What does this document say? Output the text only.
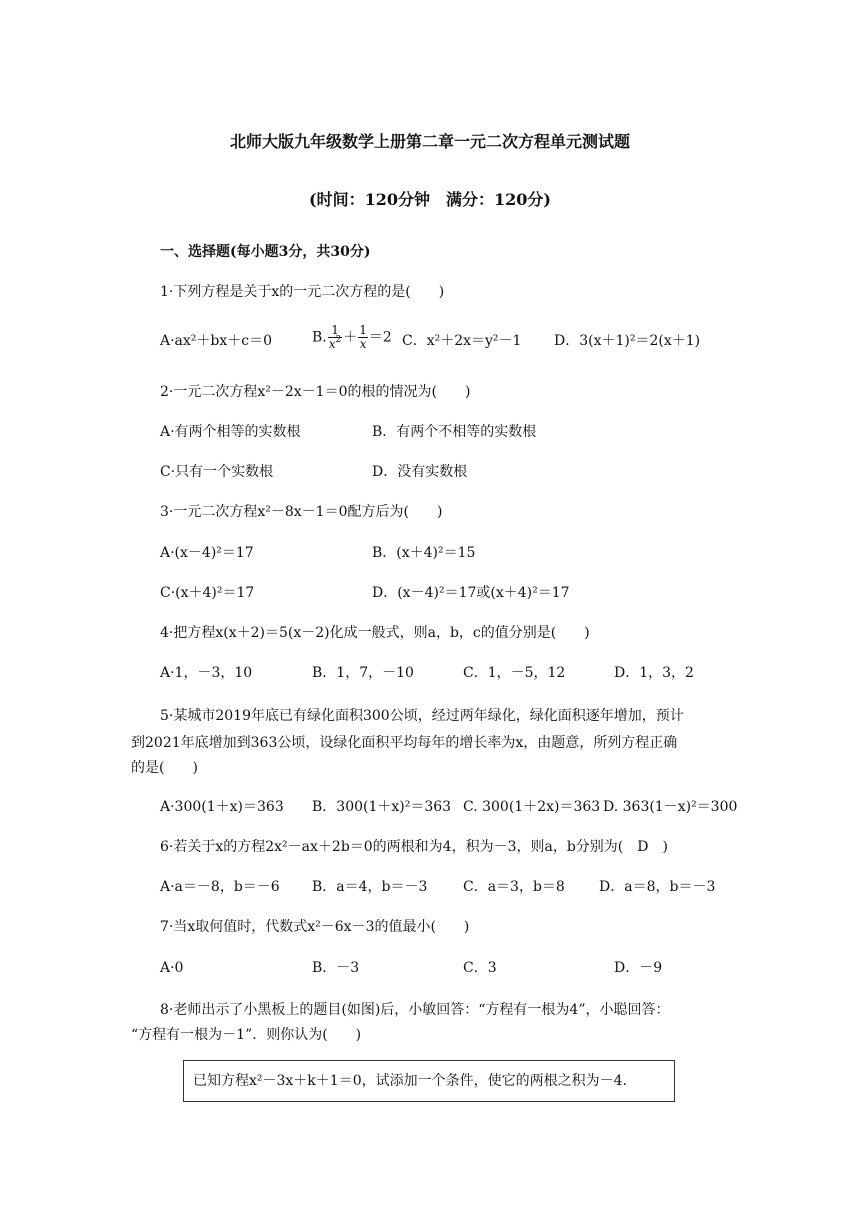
北师大版九年级数学上册第二章一元二次方程单元测试题
(时间：120分钟　满分：120分)
一、选择题(每小题3分，共30分)
1·下列方程是关于x的一元二次方程的是(　　)
A·ax²＋bx＋c＝0	B. $\frac{1}{x^2} + \frac{1}{x} =2$ C．x²＋2x＝y²－1 D．3(x＋1)²＝2(x＋1)
2·一元二次方程x²－2x－1＝0的根的情况为(　　)
A·有两个相等的实数根	B．有两个不相等的实数根
C·只有一个实数根	D．没有实数根
3·一元二次方程x²－8x－1＝0配方后为(　　)
A·(x－4)²＝17	B．(x＋4)²＝15
C·(x＋4)²＝17	D．(x－4)²＝17或(x＋4)²＝17
4·把方程x(x＋2)＝5(x－2)化成一般式，则a，b，c的值分别是(　　)
A·1，－3，10	B．1，7，－10	C．1，－5，12	D．1，3，2
5·某城市2019年底已有绿化面积300公顷，经过两年绿化，绿化面积逐年增加，预计
到2021年底增加到363公顷，设绿化面积平均每年的增长率为x，由题意，所列方程正确
的是(　　)
A·300(1＋x)＝363 B．300(1＋x)²＝363 C. 300(1＋2x)＝363 D. 363(1－x)²＝300
6·若关于x的方程2x²－ax＋2b＝0的两根和为4，积为－3，则a，b分别为(　D　)
A·a＝－8，b＝－6 B．a＝4，b＝－3	C．a＝3，b＝8 D．a＝8，b＝－3
7·当x取何值时，代数式x²－6x－3的值最小(　　)
A·0	B．－3	C．3	D．－9
8·老师出示了小黑板上的题目(如图)后，小敏回答：“方程有一根为4”，小聪回答：
“方程有一根为－1”．则你认为(　　)
已知方程x²－3x＋k＋1＝0，试添加一个条件，使它的两根之积为－4.
